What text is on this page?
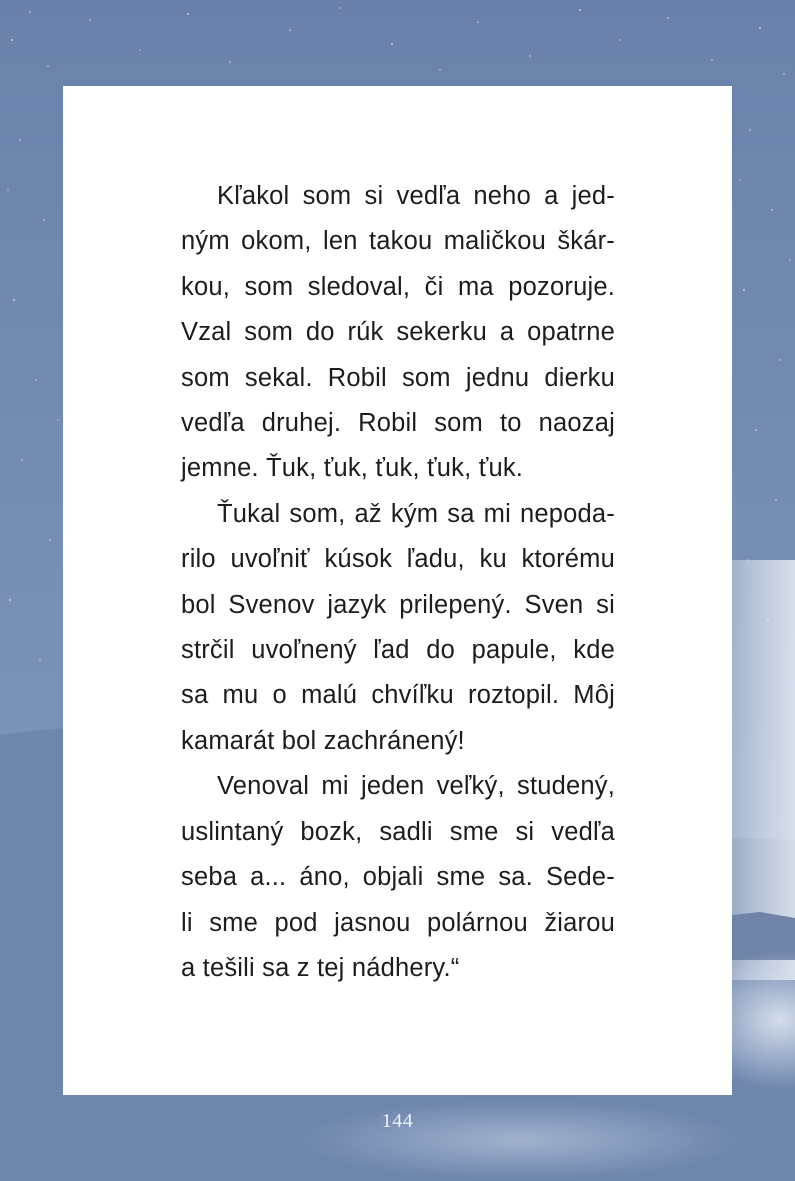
Kľakol som si vedľa neho a jed-
ným okom, len takou maličkou škár-
kou, som sledoval, či ma pozoruje.
Vzal som do rúk sekerku a opatrne
som sekal. Robil som jednu dierku
vedľa druhej. Robil som to naozaj
jemne. Ťuk, ťuk, ťuk, ťuk, ťuk.

Ťukal som, až kým sa mi nepoda-
rilo uvoľniť kúsok ľadu, ku ktorému
bol Svenov jazyk prilepený. Sven si
strčil uvoľnený ľad do papule, kde
sa mu o malú chvíľku roztopil. Môj
kamarát bol zachránený!

Venoval mi jeden veľký, studený,
uslintaný bozk, sadli sme si vedľa
seba a... áno, objali sme sa. Sede-
li sme pod jasnou polárnou žiarou
a tešili sa z tej nádhery.“

144
